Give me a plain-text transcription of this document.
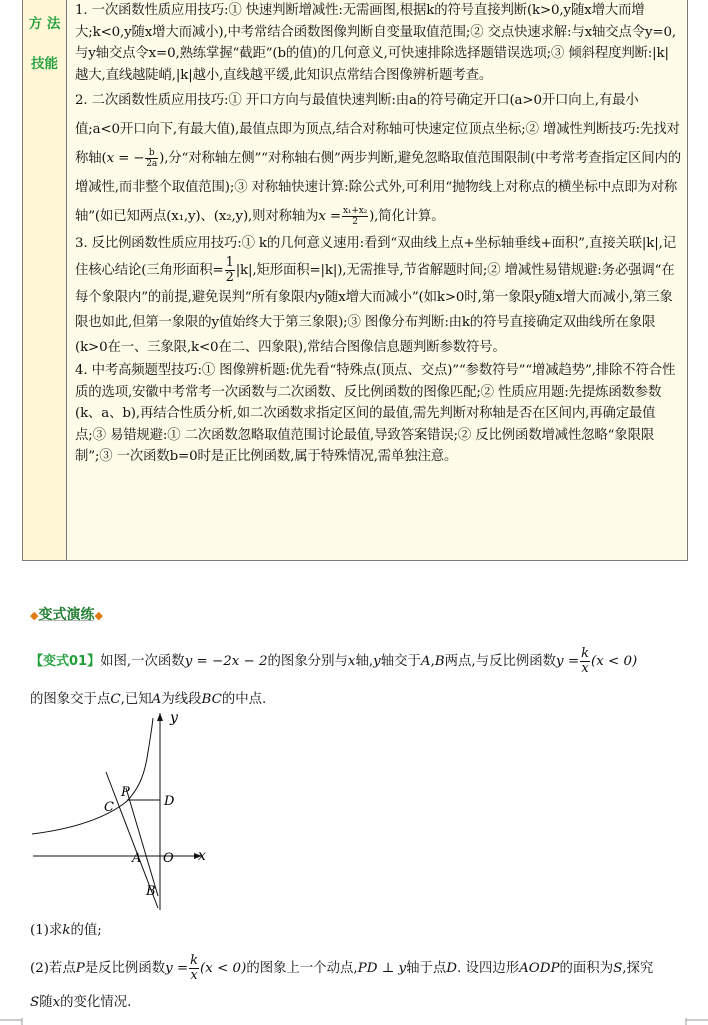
方 法
技能

1. 一次函数性质应用技巧:① 快速判断增减性:无需画图,根据k的符号直接判断(k>0,y随x增大而增大;k<0,y随x增大而减小),中考常结合函数图像判断自变量取值范围;② 交点快速求解:与x轴交点令y=0,与y轴交点令x=0,熟练掌握“截距”(b的值)的几何意义,可快速排除选择题错误选项;③ 倾斜程度判断:|k|越大,直线越陡峭,|k|越小,直线越平缓,此知识点常结合图像辨析题考查。

2. 二次函数性质应用技巧:① 开口方向与最值快速判断:由a的符号确定开口(a>0开口向上,有最小值;a<0开口向下,有最大值),最值点即为顶点,结合对称轴可快速定位顶点坐标;② 增减性判断技巧:先找对称轴(x = − $\frac{b}{2a}$ ),分“对称轴左侧”“对称轴右侧”两步判断,避免忽略取值范围限制(中考常考查指定区间内的增减性,而非整个取值范围);③ 对称轴快速计算:除公式外,可利用“抛物线上对称点的横坐标中点即为对称轴”(如已知两点(x₁,y)、(x₂,y),则对称轴为$x = \frac{\text{x₁+x₂}}{2}$ ),简化计算。

3. 反比例函数性质应用技巧:① k的几何意义速用:看到“双曲线上点+坐标轴垂线+面积”,直接关联|k|,记住核心结论(三角形面积= $\frac{1}{2} |k|$,矩形面积=|k|),无需推导,节省解题时间;② 增减性易错规避:务必强调“在每个象限内”的前提,避免误判“所有象限内y随x增大而减小”(如k>0时,第一象限y随x增大而减小,第三象限也如此,但第一象限的y值始终大于第三象限);③ 图像分布判断:由k的符号直接确定双曲线所在象限(k>0在一、三象限,k<0在二、四象限),常结合图像信息题判断参数符号。

4. 中考高频题型技巧:① 图像辨析题:优先看“特殊点(顶点、交点)”“参数符号”“增减趋势”,排除不符合性质的选项,安徽中考常考一次函数与二次函数、反比例函数的图像匹配;② 性质应用题:先提炼函数参数(k、a、b),再结合性质分析,如二次函数求指定区间的最值,需先判断对称轴是否在区间内,再确定最值点;③ 易错规避:① 二次函数忽略取值范围讨论最值,导致答案错误;② 反比例函数增减性忽略“象限限制”;③ 一次函数b=0时是正比例函数,属于特殊情况,需单独注意。

◆变式演练◆
【变式01】如图,一次函数y = −2x − 2的图象分别与x轴,y轴交于A,B两点,与反比例函数$y = \frac{k}{x} (x < 0)$
的图象交于点C,已知A为线段BC的中点.
y
x
O
A
B
C
P
D
(1)求k的值;
(2)若点P是反比例函数$y = \frac{k}{x} (x < 0)$的图象上一个动点,PD ⊥ y轴于点D. 设四边形AODP的面积为S,探究
S随x的变化情况.
